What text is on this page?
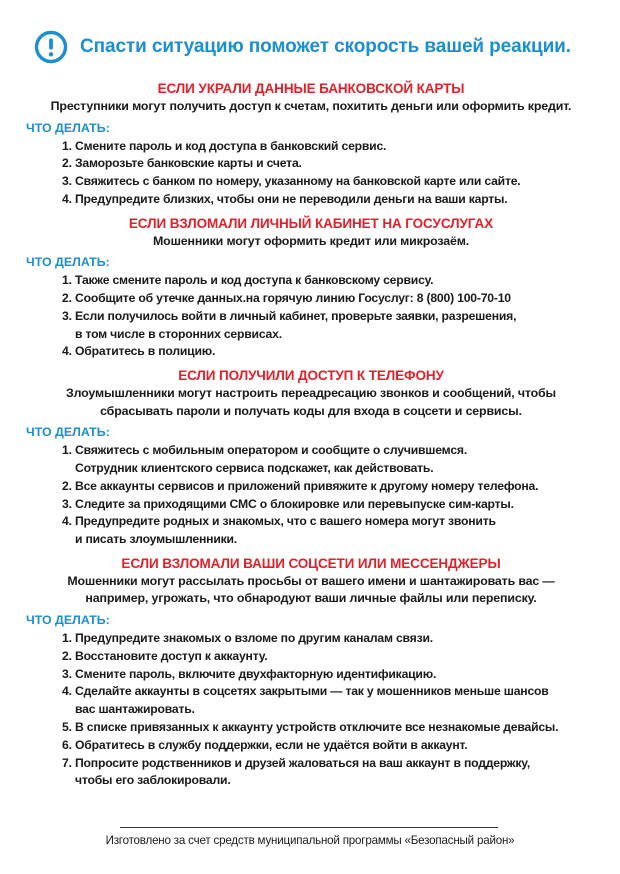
Спасти ситуацию поможет скорость вашей реакции.
ЕСЛИ УКРАЛИ ДАННЫЕ БАНКОВСКОЙ КАРТЫ
Преступники могут получить доступ к счетам, похитить деньги или оформить кредит.
ЧТО ДЕЛАТЬ:
1. Смените пароль и код доступа в банковский сервис.
2. Заморозьте банковские карты и счета.
3. Свяжитесь с банком по номеру, указанному на банковской карте или сайте.
4. Предупредите близких, чтобы они не переводили деньги на ваши карты.
ЕСЛИ ВЗЛОМАЛИ ЛИЧНЫЙ КАБИНЕТ НА ГОСУСЛУГАХ
Мошенники могут оформить кредит или микрозаём.
ЧТО ДЕЛАТЬ:
1. Также смените пароль и код доступа к банковскому сервису.
2. Сообщите об утечке данных.на горячую линию Госуслуг: 8 (800) 100-70-10
3. Если получилось войти в личный кабинет, проверьте заявки, разрешения,
в том числе в сторонних сервисах.
4. Обратитесь в полицию.
ЕСЛИ ПОЛУЧИЛИ ДОСТУП К ТЕЛЕФОНУ
Злоумышленники могут настроить переадресацию звонков и сообщений, чтобы
сбрасывать пароли и получать коды для входа в соцсети и сервисы.
ЧТО ДЕЛАТЬ:
1. Свяжитесь с мобильным оператором и сообщите о случившемся.
Сотрудник клиентского сервиса подскажет, как действовать.
2. Все аккаунты сервисов и приложений привяжите к другому номеру телефона.
3. Следите за приходящими СМС о блокировке или перевыпуске сим-карты.
4. Предупредите родных и знакомых, что с вашего номера могут звонить
и писать злоумышленники.
ЕСЛИ ВЗЛОМАЛИ ВАШИ СОЦСЕТИ ИЛИ МЕССЕНДЖЕРЫ
Мошенники могут рассылать просьбы от вашего имени и шантажировать вас —
например, угрожать, что обнародуют ваши личные файлы или переписку.
ЧТО ДЕЛАТЬ:
1. Предупредите знакомых о взломе по другим каналам связи.
2. Восстановите доступ к аккаунту.
3. Смените пароль, включите двухфакторную идентификацию.
4. Сделайте аккаунты в соцсетях закрытыми — так у мошенников меньше шансов
вас шантажировать.
5. В списке привязанных к аккаунту устройств отключите все незнакомые девайсы.
6. Обратитесь в службу поддержки, если не удаётся войти в аккаунт.
7. Попросите родственников и друзей жаловаться на ваш аккаунт в поддержку,
чтобы его заблокировали.
Изготовлено за счет средств муниципальной программы «Безопасный район»
